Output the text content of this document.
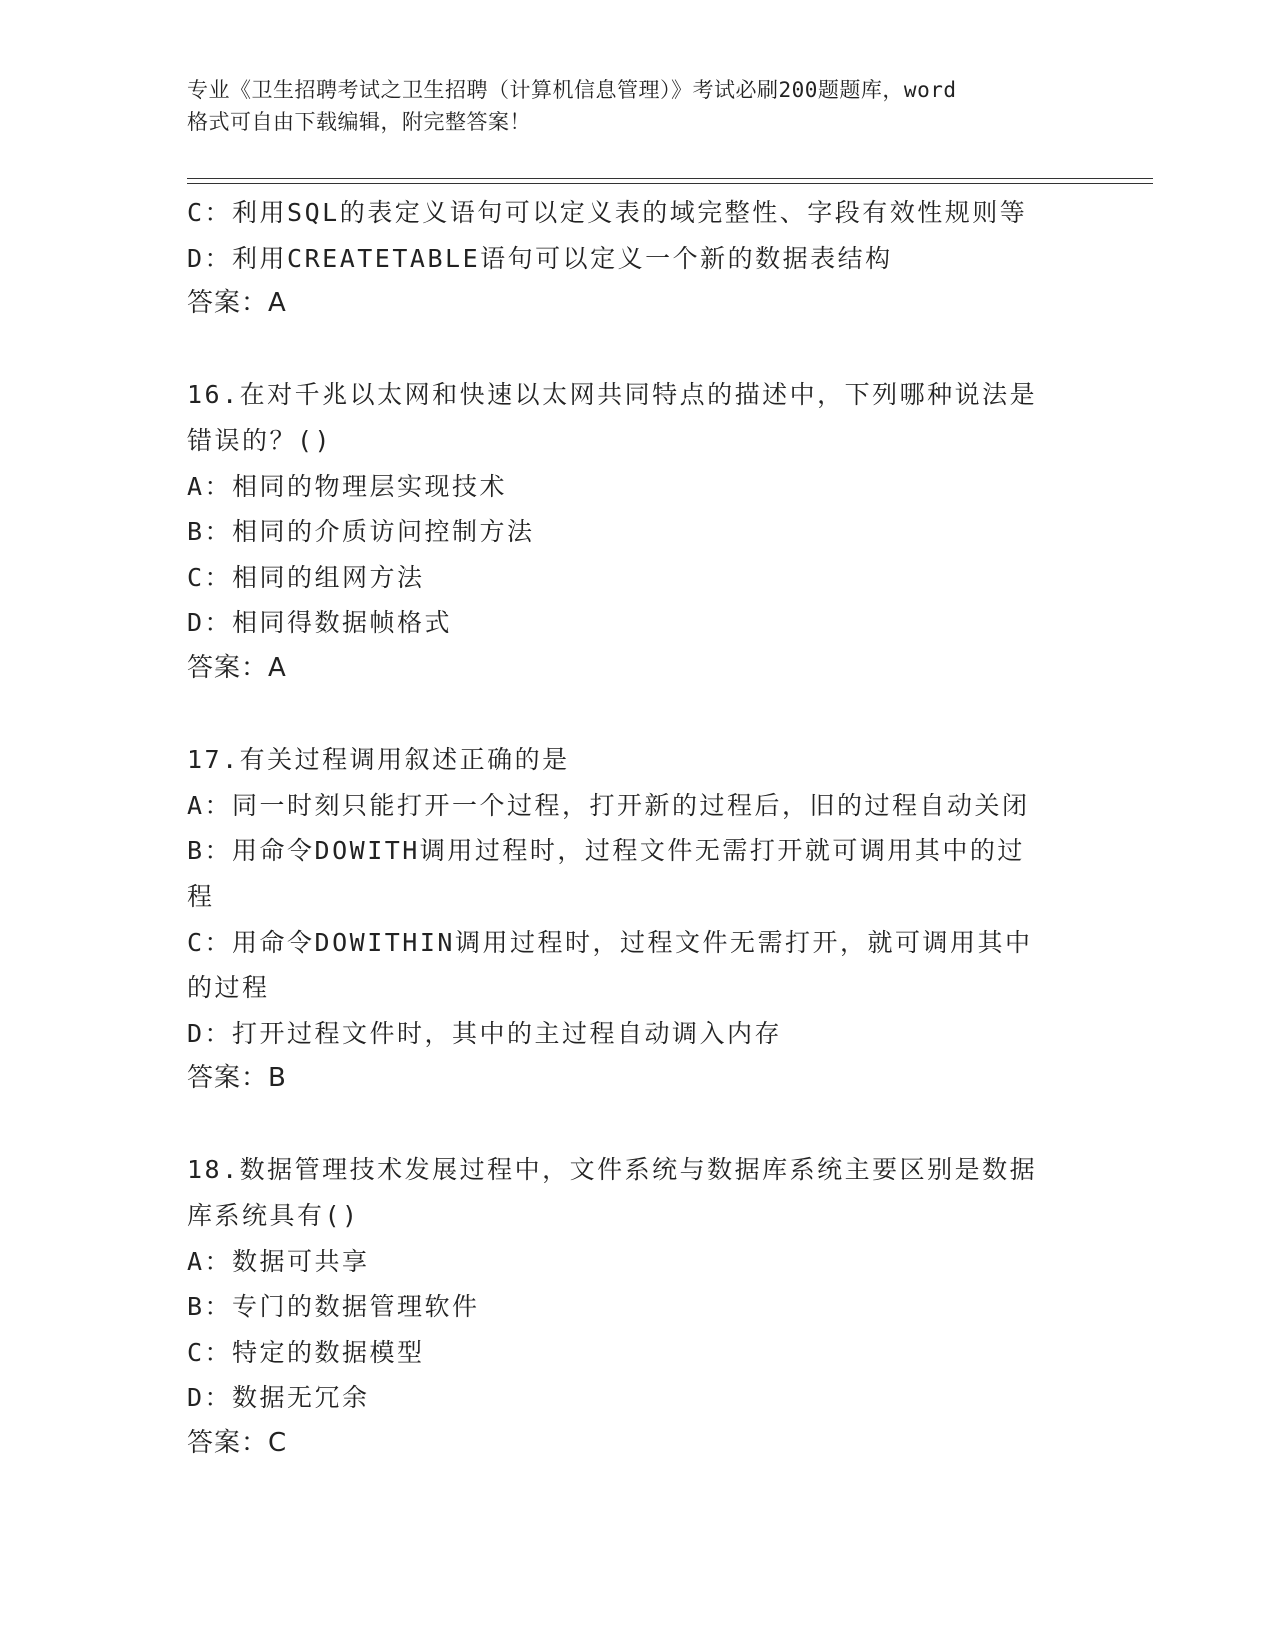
专业《卫生招聘考试之卫生招聘（计算机信息管理）》考试必刷200题题库，word
格式可自由下载编辑，附完整答案！
C：利用SQL的表定义语句可以定义表的域完整性、字段有效性规则等
D：利用CREATETABLE语句可以定义一个新的数据表结构
答案：A
16.在对千兆以太网和快速以太网共同特点的描述中，下列哪种说法是
错误的？()
A：相同的物理层实现技术
B：相同的介质访问控制方法
C：相同的组网方法
D：相同得数据帧格式
答案：A
17.有关过程调用叙述正确的是
A：同一时刻只能打开一个过程，打开新的过程后，旧的过程自动关闭
B：用命令DOWITH调用过程时，过程文件无需打开就可调用其中的过
程
C：用命令DOWITHIN调用过程时，过程文件无需打开，就可调用其中
的过程
D：打开过程文件时，其中的主过程自动调入内存
答案：B
18.数据管理技术发展过程中，文件系统与数据库系统主要区别是数据
库系统具有()
A：数据可共享
B：专门的数据管理软件
C：特定的数据模型
D：数据无冗余
答案：C
